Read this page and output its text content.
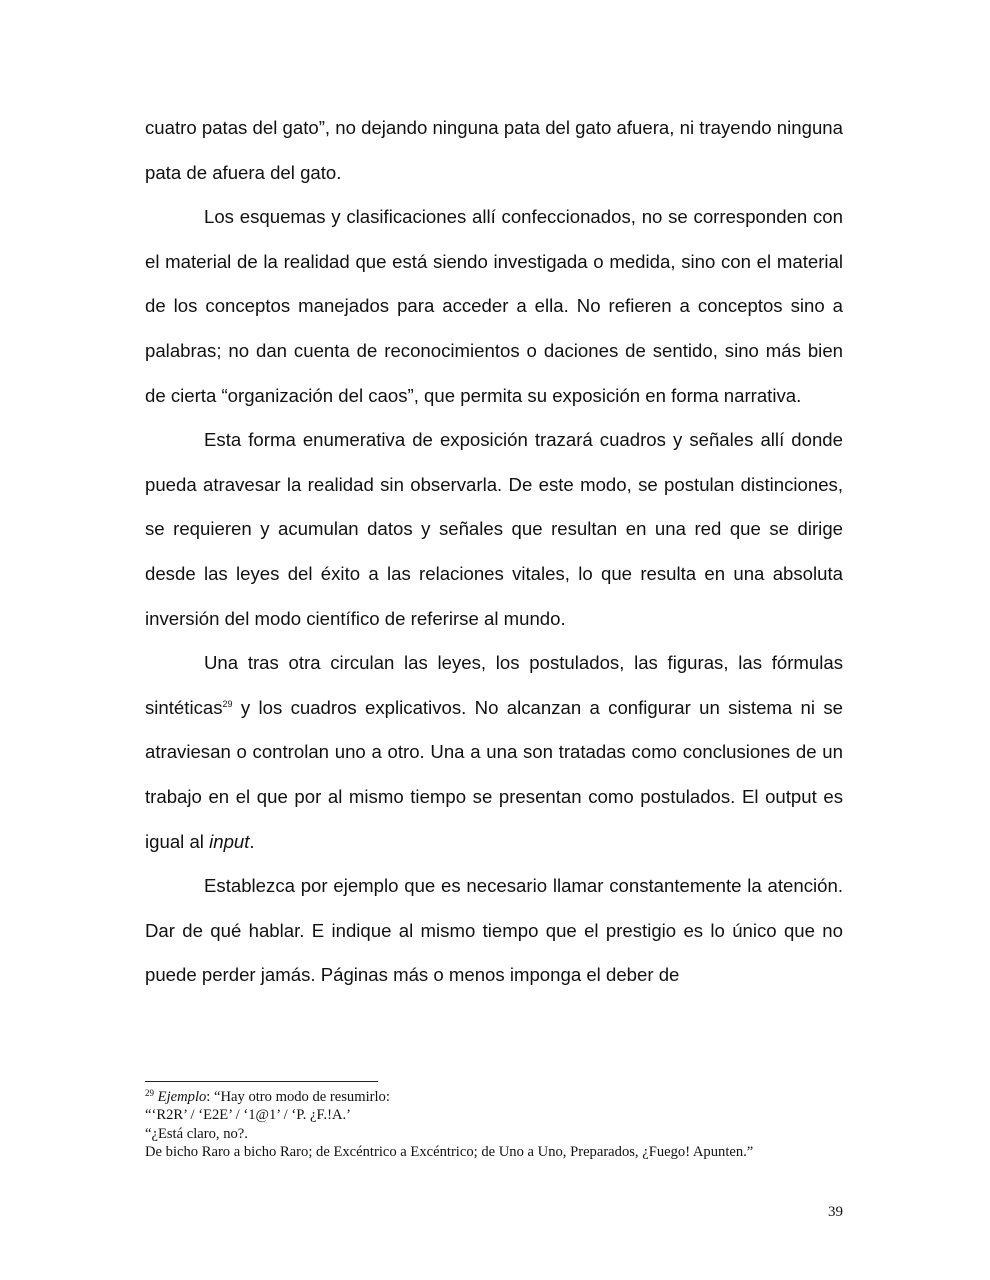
cuatro patas del gato”, no dejando ninguna pata del gato afuera, ni trayendo ninguna pata de afuera del gato.

Los esquemas y clasificaciones allí confeccionados, no se corresponden con el material de la realidad que está siendo investigada o medida, sino con el material de los conceptos manejados para acceder a ella. No refieren a conceptos sino a palabras; no dan cuenta de reconocimientos o daciones de sentido, sino más bien de cierta “organización del caos”, que permita su exposición en forma narrativa.

Esta forma enumerativa de exposición trazará cuadros y señales allí donde pueda atravesar la realidad sin observarla. De este modo, se postulan distinciones, se requieren y acumulan datos y señales que resultan en una red que se dirige desde las leyes del éxito a las relaciones vitales, lo que resulta en una absoluta inversión del modo científico de referirse al mundo.

Una tras otra circulan las leyes, los postulados, las figuras, las fórmulas sintéticas$^{29}$ y los cuadros explicativos. No alcanzan a configurar un sistema ni se atraviesan o controlan uno a otro. Una a una son tratadas como conclusiones de un trabajo en el que por al mismo tiempo se presentan como postulados. El output es igual al input.

Establezca por ejemplo que es necesario llamar constantemente la atención. Dar de qué hablar. E indique al mismo tiempo que el prestigio es lo único que no puede perder jamás. Páginas más o menos imponga el deber de

$^{29}$ Ejemplo: “Hay otro modo de resumirlo:
“‘R2R’ / ‘E2E’ / ‘1@1’ / ‘P. ¿F.!A.’
“¿Está claro, no?.
De bicho Raro a bicho Raro; de Excéntrico a Excéntrico; de Uno a Uno, Preparados, ¿Fuego! Apunten.”
39
